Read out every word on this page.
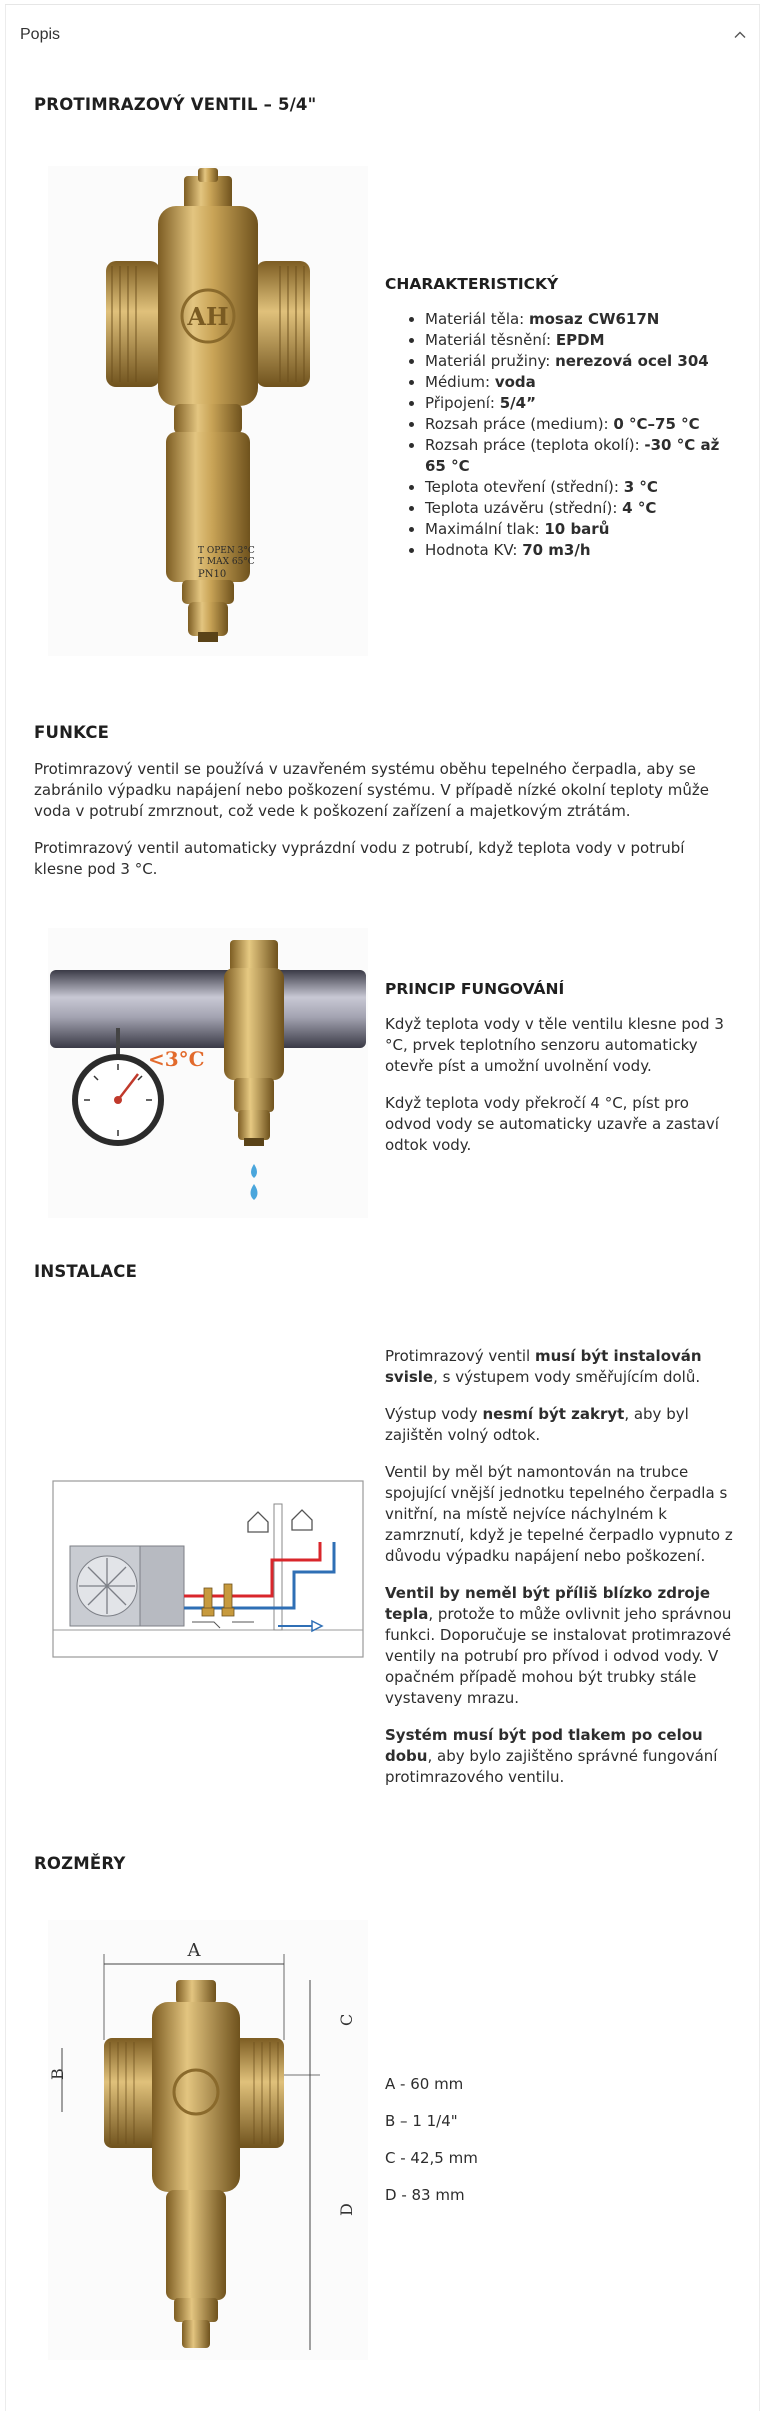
Popis
PROTIMRAZOVÝ VENTIL – 5/4"
AH
T OPEN 3°C
T MAX 65°C
PN10

CHARAKTERISTICKÝ

• Materiál těla: mosaz CW617N
• Materiál těsnění: EPDM
• Materiál pružiny: nerezová ocel 304
• Médium: voda
• Připojení: 5/4”
• Rozsah práce (medium): 0 °C–75 °C
• Rozsah práce (teplota okolí): -30 °C až 65 °C
• Teplota otevření (střední): 3 °C
• Teplota uzávěru (střední): 4 °C
• Maximální tlak: 10 barů
• Hodnota KV: 70 m3/h
FUNKCE

Protimrazový ventil se používá v uzavřeném systému oběhu tepelného čerpadla, aby se zabránilo výpadku napájení nebo poškození systému. V případě nízké okolní teploty může voda v potrubí zmrznout, což vede k poškození zařízení a majetkovým ztrátám.

Protimrazový ventil automaticky vyprázdní vodu z potrubí, když teplota vody v potrubí klesne pod 3 °C.

<3°C

PRINCIP FUNGOVÁNÍ

Když teplota vody v těle ventilu klesne pod 3 °C, prvek teplotního senzoru automaticky otevře píst a umožní uvolnění vody.

Když teplota vody překročí 4 °C, píst pro odvod vody se automaticky uzavře a zastaví odtok vody.

INSTALACE

Protimrazový ventil musí být instalován svisle, s výstupem vody směřujícím dolů.

Výstup vody nesmí být zakryt, aby byl zajištěn volný odtok.

Ventil by měl být namontován na trubce spojující vnější jednotku tepelného čerpadla s vnitřní, na místě nejvíce náchylném k zamrznutí, když je tepelné čerpadlo vypnuto z důvodu výpadku napájení nebo poškození.

Ventil by neměl být příliš blízko zdroje tepla, protože to může ovlivnit jeho správnou funkci. Doporučuje se instalovat protimrazové ventily na potrubí pro přívod i odvod vody. V opačném případě mohou být trubky stále vystaveny mrazu.

Systém musí být pod tlakem po celou dobu, aby bylo zajištěno správné fungování protimrazového ventilu.

ROZMĚRY
A
B
C
D
A - 60 mm
B – 1 1/4"
C - 42,5 mm
D - 83 mm
